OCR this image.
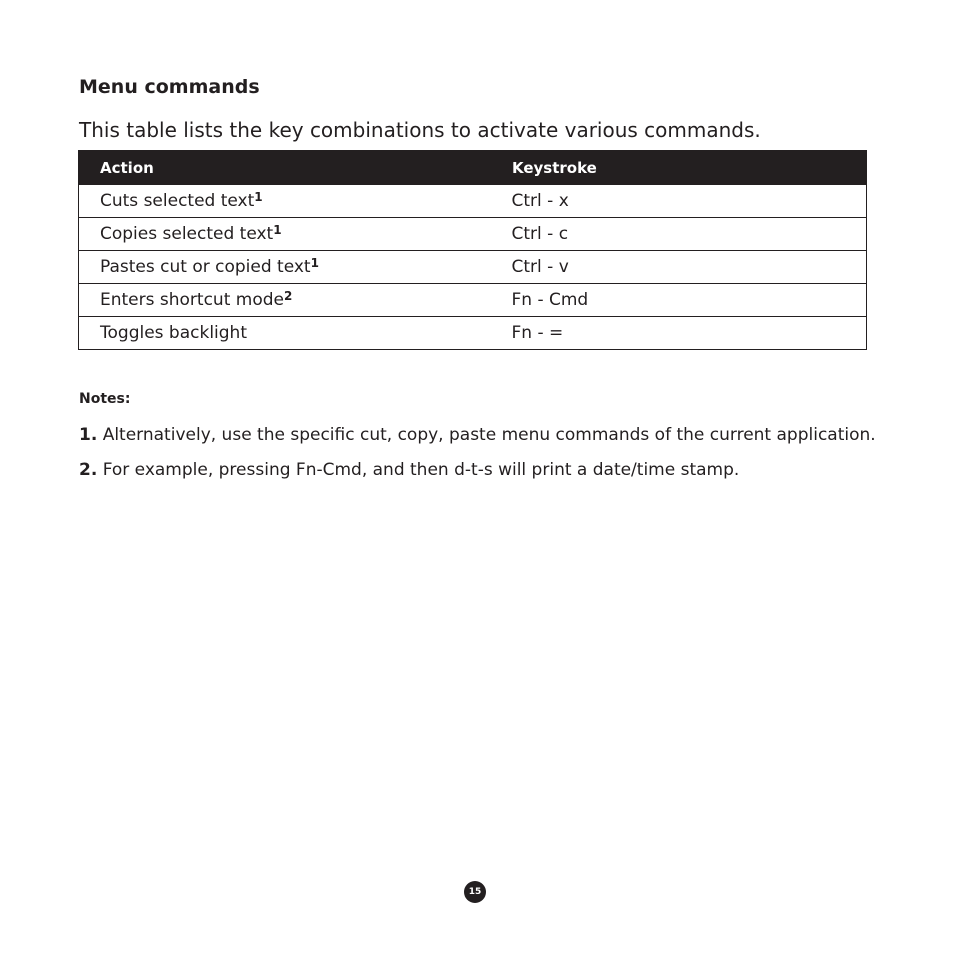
Menu commands

This table lists the key combinations to activate various commands.

Action	Keystroke
Cuts selected text$^1$	Ctrl - x
Copies selected text$^1$	Ctrl - c
Pastes cut or copied text$^1$	Ctrl - v
Enters shortcut mode$^2$	Fn - Cmd
Toggles backlight	Fn - =

Notes:

1. Alternatively, use the specific cut, copy, paste menu commands of the current application.

2. For example, pressing Fn-Cmd, and then d-t-s will print a date/time stamp.

15
